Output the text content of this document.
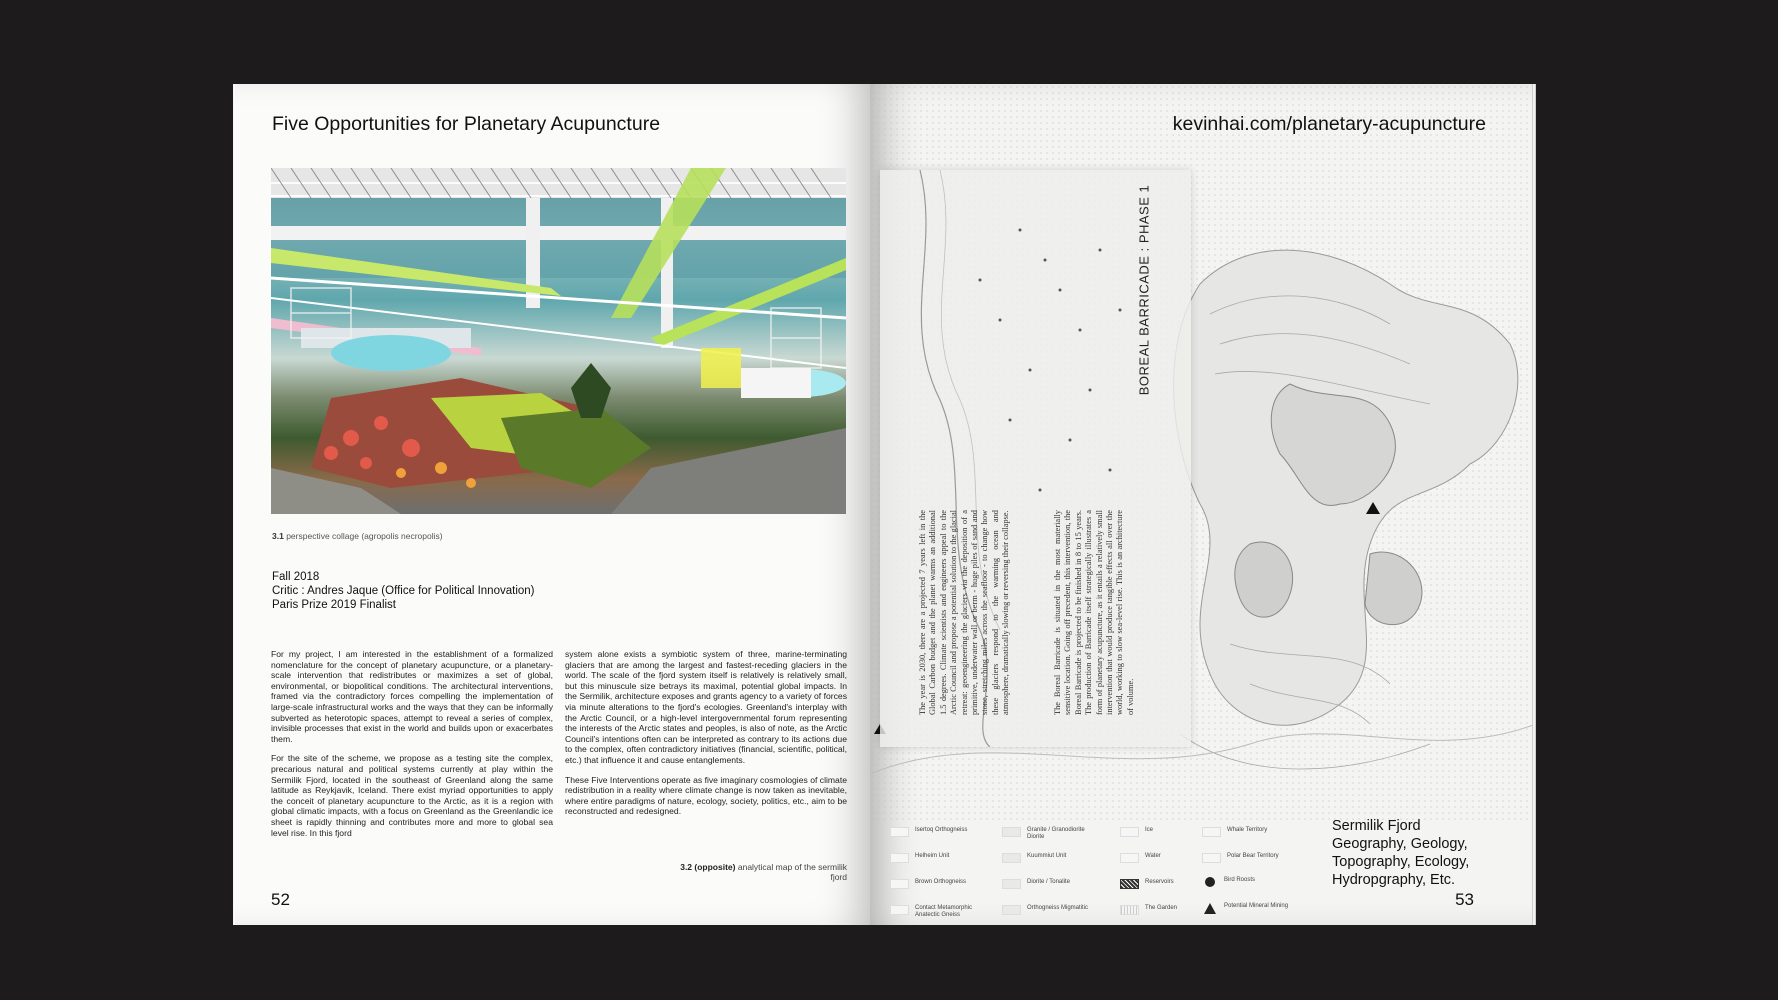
Five Opportunities for Planetary Acupuncture
3.1 perspective collage (agropolis necropolis)
Fall 2018
Critic : Andres Jaque (Office for Political Innovation)
Paris Prize 2019 Finalist

For my project, I am interested in the establishment of a formalized nomenclature for the concept of planetary acupuncture, or a planetary-scale intervention that redistributes or maximizes a set of global, environmental, or biopolitical conditions. The architectural interventions, framed via the contradictory forces compelling the implementation of large-scale infrastructural works and the ways that they can be informally subverted as heterotopic spaces, attempt to reveal a series of complex, invisible processes that exist in the world and builds upon or exacerbates them.

For the site of the scheme, we propose as a testing site the complex, precarious natural and political systems currently at play within the Sermilik Fjord, located in the southeast of Greenland along the same latitude as Reykjavik, Iceland. There exist myriad opportunities to apply the conceit of planetary acupuncture to the Arctic, as it is a region with global climatic impacts, with a focus on Greenland as the Greenlandic ice sheet is rapidly thinning and contributes more and more to global sea level rise. In this fjord

system alone exists a symbiotic system of three, marine-terminating glaciers that are among the largest and fastest-receding glaciers in the world. The scale of the fjord system itself is relatively is relatively small, but this minuscule size betrays its maximal, potential global impacts. In the Sermilik, architecture exposes and grants agency to a variety of forces via minute alterations to the fjord's ecologies. Greenland's interplay with the Arctic Council, or a high-level intergovernmental forum representing the interests of the Arctic states and peoples, is also of note, as the Arctic Council's intentions often can be interpreted as contrary to its actions due to the complex, often contradictory initiatives (financial, scientific, political, etc.) that influence it and cause entanglements.

These Five Interventions operate as five imaginary cosmologies of climate redistribution in a reality where climate change is now taken as inevitable, where entire paradigms of nature, ecology, society, politics, etc., aim to be reconstructed and redesigned.

3.2 (opposite) analytical map of the sermilik fjord
52
BOREAL BARRICADE : PHASE 1
The year is 2030, there are a projected 7 years left in the Global Carbon budget and the planet warms an additional 1.5 degrees. Climate scientists and engineers appeal to the Arctic Council and propose a potential solution to the glacial retreat: geoengineering the glaciers via the deposition of a primitive, underwater wall or berm - huge piles of sand and stone, stretching miles across the seafloor - to change how these glaciers respond to the warming ocean and atmosphere, dramatically slowing or reversing their collapse.	The Boreal Barricade is situated in the most materially sensitive location. Going off precedent, this intervention, the Boreal Barricade is projected to be finished in 8 to 15 years. The production of Barricade itself strategically illustrates a form of planetary acupuncture, as it entails a relatively small intervention that would produce tangible effects all over the world, working to slow sea-level rise. This is an architecture of volume.
Isertoq Orthogneiss
Helheim Unit
Brown Orthogneiss
Contact Metamorphic Anatectic Gneiss
Granite / Granodiorite Diorite
Kuummiut Unit
Diorite / Tonalite
Orthogneiss Migmatitic
Ice
Water
Reservoirs
The Garden
Whale Territory
Polar Bear Territory
Bird Roosts
Potential Mineral Mining
Sermilik Fjord
Geography, Geology,
Topography, Ecology,
Hydropgraphy, Etc.
kevinhai.com/planetary-acupuncture
53
